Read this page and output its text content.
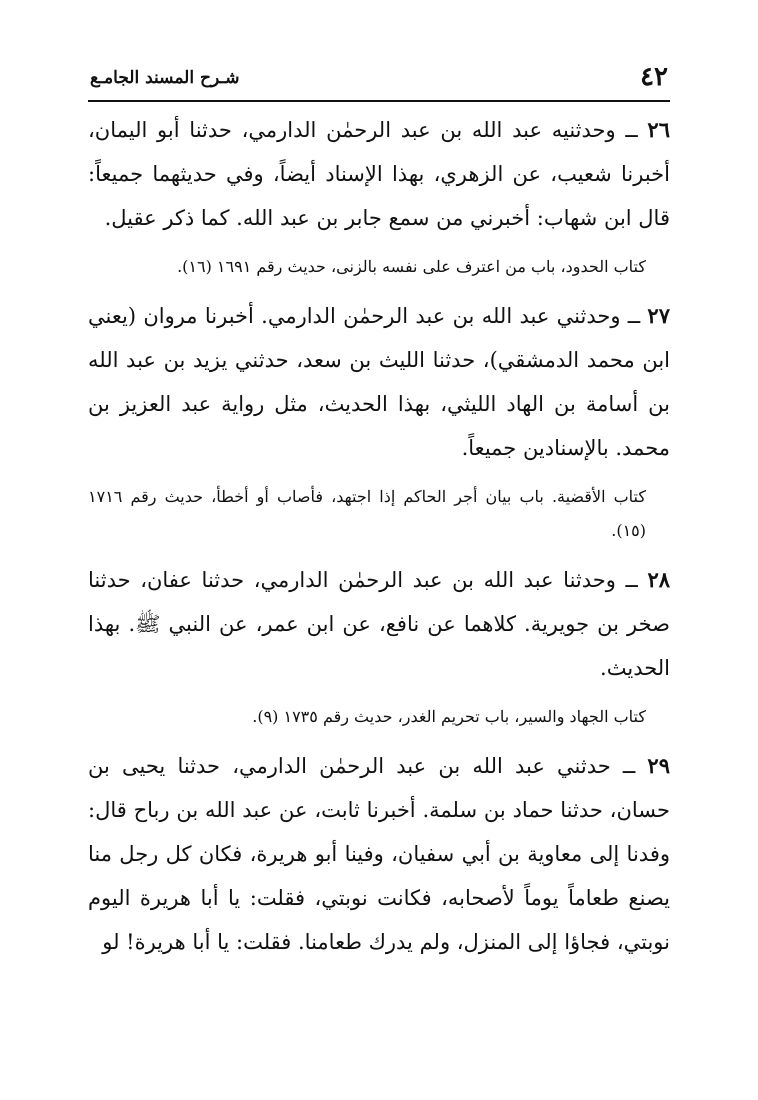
٤٢
شـرح المسند الجامـع

٢٦ ــ وحدثنيه عبد الله بن عبد الرحمٰن الدارمي، حدثنا أبو اليمان، أخبرنا شعيب، عن الزهري، بهذا الإسناد أيضاً، وفي حديثهما جميعاً: قال ابن شهاب: أخبرني من سمع جابر بن عبد الله. كما ذكر عقيل.

كتاب الحدود، باب من اعترف على نفسه بالزنى، حديث رقم ١٦٩١ (١٦).

٢٧ ــ وحدثني عبد الله بن عبد الرحمٰن الدارمي. أخبرنا مروان (يعني ابن محمد الدمشقي)، حدثنا الليث بن سعد، حدثني يزيد بن عبد الله بن أسامة بن الهاد الليثي، بهذا الحديث، مثل رواية عبد العزيز بن محمد. بالإسنادين جميعاً.

كتاب الأقضية. باب بيان أجر الحاكم إذا اجتهد، فأصاب أو أخطأ، حديث رقم ١٧١٦ (١٥).

٢٨ ــ وحدثنا عبد الله بن عبد الرحمٰن الدارمي، حدثنا عفان، حدثنا صخر بن جويرية. كلاهما عن نافع، عن ابن عمر، عن النبي ﷺ. بهذا الحديث.

كتاب الجهاد والسير، باب تحريم الغدر، حديث رقم ١٧٣٥ (٩).

٢٩ ــ حدثني عبد الله بن عبد الرحمٰن الدارمي، حدثنا يحيى بن حسان، حدثنا حماد بن سلمة. أخبرنا ثابت، عن عبد الله بن رباح قال: وفدنا إلى معاوية بن أبي سفيان، وفينا أبو هريرة، فكان كل رجل منا يصنع طعاماً يوماً لأصحابه، فكانت نوبتي، فقلت: يا أبا هريرة اليوم نوبتي، فجاؤا إلى المنزل، ولم يدرك طعامنا. فقلت: يا أبا هريرة! لو
